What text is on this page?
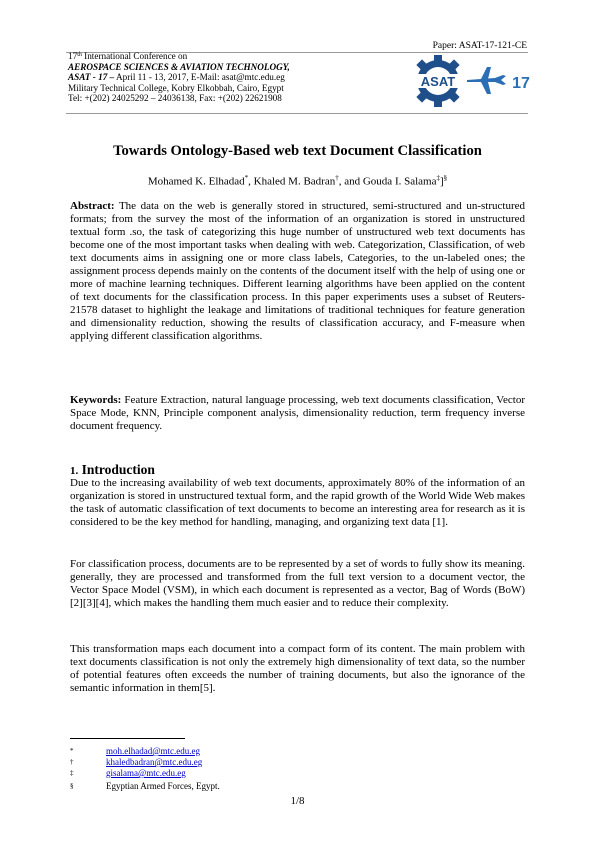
Paper: ASAT-17-121-CE
17th International Conference on
AEROSPACE SCIENCES & AVIATION TECHNOLOGY,
ASAT - 17 – April 11 - 13, 2017, E-Mail: asat@mtc.edu.eg
Military Technical College, Kobry Elkobbah, Cairo, Egypt
Tel: +(202) 24025292 – 24036138, Fax: +(202) 22621908
ASAT	17
Towards Ontology-Based web text Document Classification
Mohamed K. Elhadad*, Khaled M. Badran†, and Gouda I. Salama‡]§
Abstract: The data on the web is generally stored in structured, semi-structured and un-structured formats; from the survey the most of the information of an organization is stored in unstructured textual form .so, the task of categorizing this huge number of unstructured web text documents has become one of the most important tasks when dealing with web. Categorization, Classification, of web text documents aims in assigning one or more class labels, Categories, to the un-labeled ones; the assignment process depends mainly on the contents of the document itself with the help of using one or more of machine learning techniques. Different learning algorithms have been applied on the content of text documents for the classification process. In this paper experiments uses a subset of Reuters-21578 dataset to highlight the leakage and limitations of traditional techniques for feature generation and dimensionality reduction, showing the results of classification accuracy, and F-measure when applying different classification algorithms.
Keywords: Feature Extraction, natural language processing, web text documents classification, Vector Space Mode, KNN, Principle component analysis, dimensionality reduction, term frequency inverse document frequency.
1. Introduction
Due to the increasing availability of web text documents, approximately 80% of the information of an organization is stored in unstructured textual form, and the rapid growth of the World Wide Web makes the task of automatic classification of text documents to become an interesting area for research as it is considered to be the key method for handling, managing, and organizing text data [1].
For classification process, documents are to be represented by a set of words to fully show its meaning. generally, they are processed and transformed from the full text version to a document vector, the Vector Space Model (VSM), in which each document is represented as a vector, Bag of Words (BoW)[2][3][4], which makes the handling them much easier and to reduce their complexity.
This transformation maps each document into a compact form of its content. The main problem with text documents classification is not only the extremely high dimensionality of text data, so the number of potential features often exceeds the number of training documents, but also the ignorance of the semantic information in them[5].
*	moh.elhadad@mtc.edu.eg
†	khaledbadran@mtc.edu.eg
‡	gisalama@mtc.edu.eg
§	Egyptian Armed Forces, Egypt.
1/8
